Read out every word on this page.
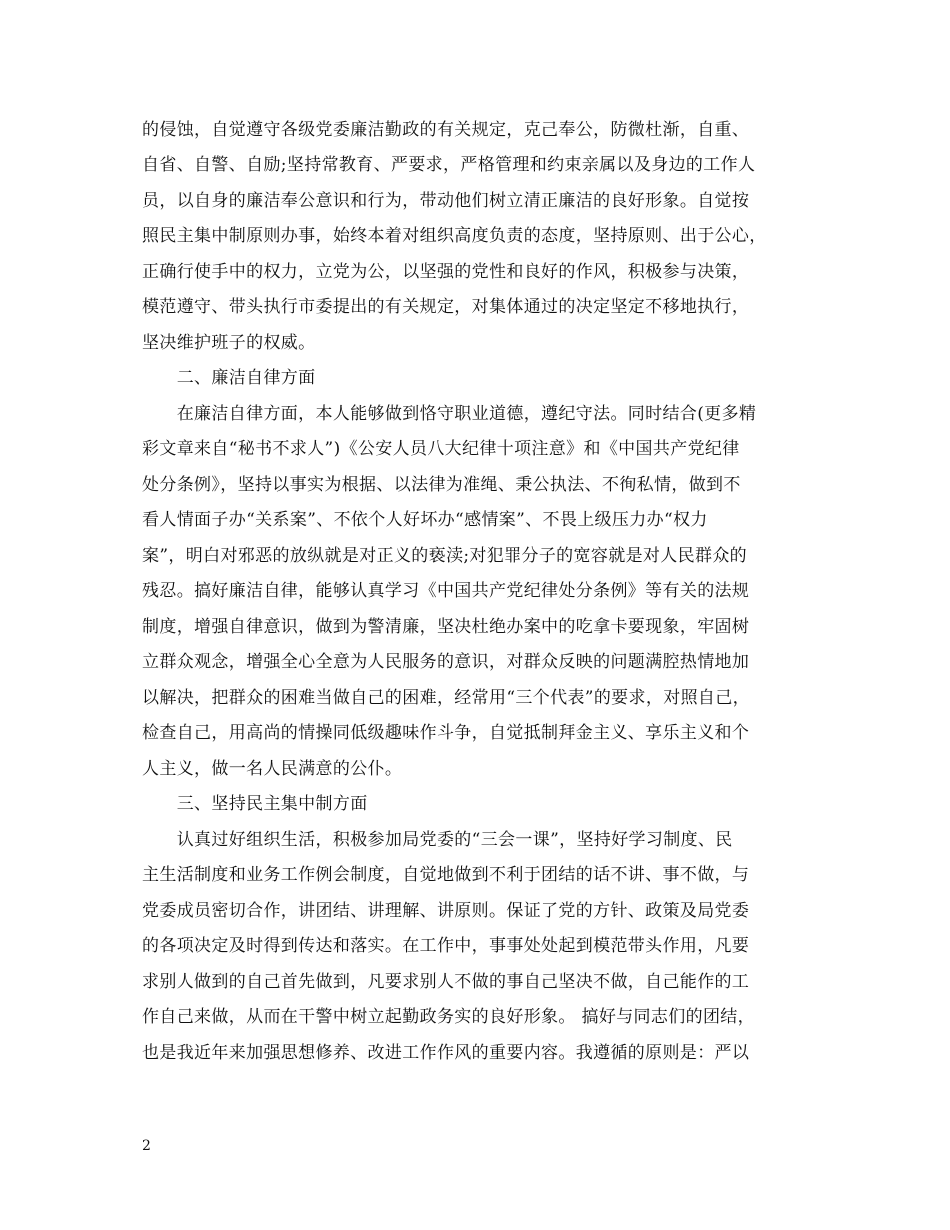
的侵蚀，自觉遵守各级党委廉洁勤政的有关规定，克己奉公，防微杜渐，自重、
自省、自警、自励;坚持常教育、严要求，严格管理和约束亲属以及身边的工作人
员，以自身的廉洁奉公意识和行为，带动他们树立清正廉洁的良好形象。自觉按
照民主集中制原则办事，始终本着对组织高度负责的态度，坚持原则、出于公心，
正确行使手中的权力，立党为公，以坚强的党性和良好的作风，积极参与决策，
模范遵守、带头执行市委提出的有关规定，对集体通过的决定坚定不移地执行，
坚决维护班子的权威。
　　二、廉洁自律方面
　　在廉洁自律方面，本人能够做到恪守职业道德，遵纪守法。同时结合(更多精
彩文章来自“秘书不求人”)《公安人员八大纪律十项注意》和《中国共产党纪律
处分条例》，坚持以事实为根据、以法律为准绳、秉公执法、不徇私情，做到不
看人情面子办“关系案”、不依个人好坏办“感情案”、不畏上级压力办“权力
案”，明白对邪恶的放纵就是对正义的亵渎;对犯罪分子的宽容就是对人民群众的
残忍。搞好廉洁自律，能够认真学习《中国共产党纪律处分条例》等有关的法规
制度，增强自律意识，做到为警清廉，坚决杜绝办案中的吃拿卡要现象，牢固树
立群众观念，增强全心全意为人民服务的意识，对群众反映的问题满腔热情地加
以解决，把群众的困难当做自己的困难，经常用“三个代表”的要求，对照自己，
检查自己，用高尚的情操同低级趣味作斗争，自觉抵制拜金主义、享乐主义和个
人主义，做一名人民满意的公仆。
　　三、坚持民主集中制方面
　　认真过好组织生活，积极参加局党委的“三会一课”，坚持好学习制度、民
主生活制度和业务工作例会制度，自觉地做到不利于团结的话不讲、事不做，与
党委成员密切合作，讲团结、讲理解、讲原则。保证了党的方针、政策及局党委
的各项决定及时得到传达和落实。在工作中，事事处处起到模范带头作用，凡要
求别人做到的自己首先做到，凡要求别人不做的事自己坚决不做，自己能作的工
作自己来做，从而在干警中树立起勤政务实的良好形象。 搞好与同志们的团结，
也是我近年来加强思想修养、改进工作作风的重要内容。我遵循的原则是：严以
2
